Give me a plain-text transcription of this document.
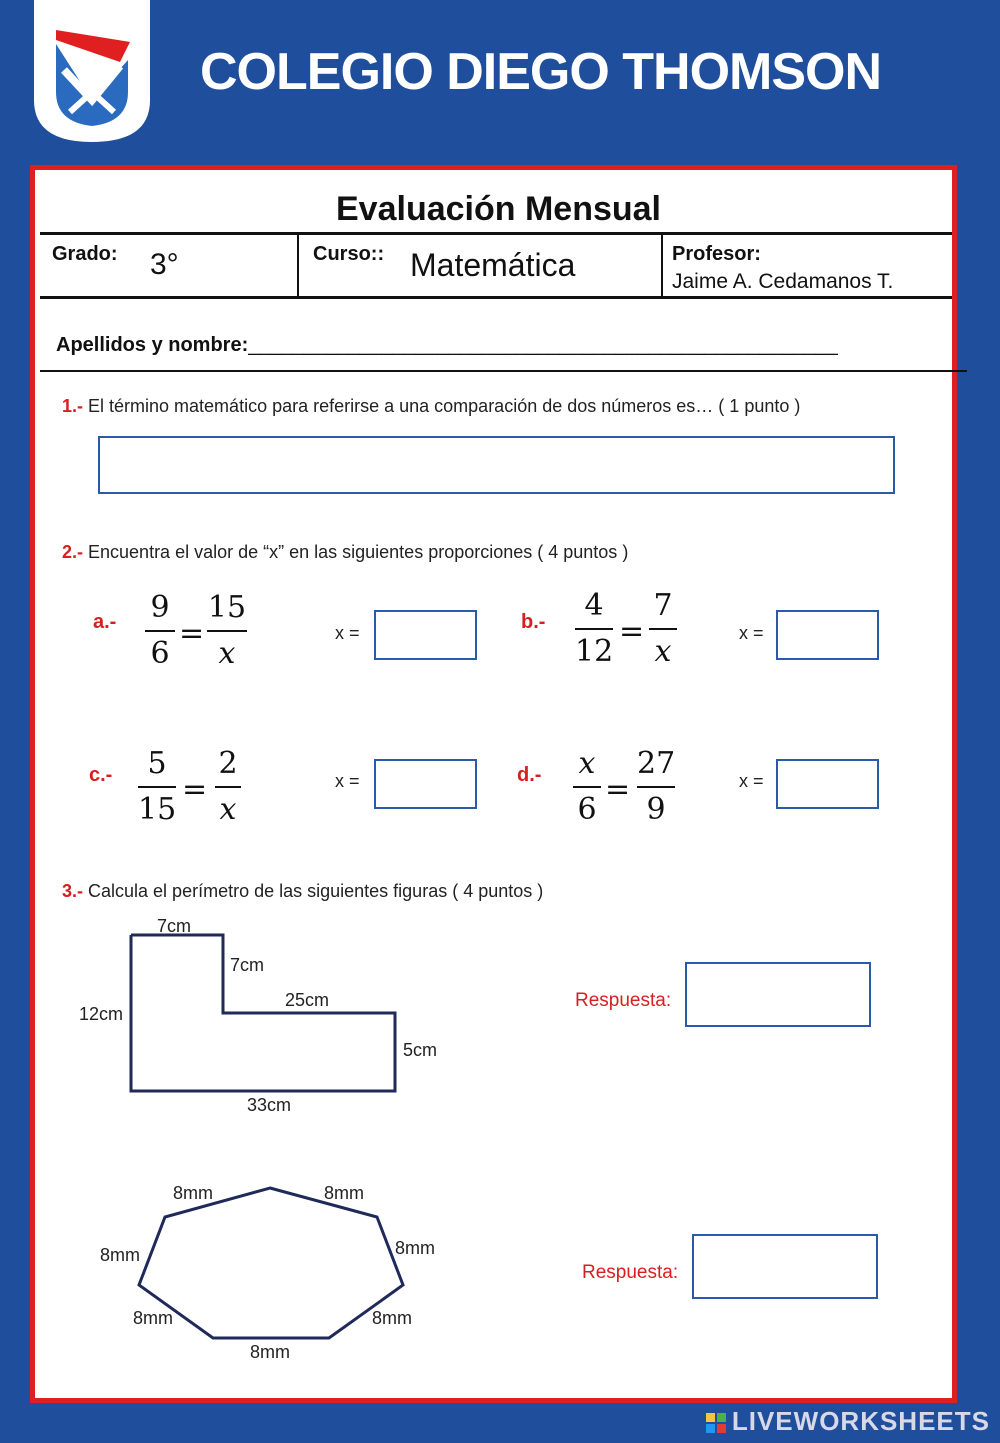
COLEGIO DIEGO THOMSON
Evaluación Mensual
Grado: 3°	Curso:: Matemática	Profesor:
Jaime A. Cedamanos T.
Apellidos y nombre:_____________________________________________________
1.- El término matemático para referirse a una comparación de dos números es… ( 1 punto )
2.- Encuentra el valor de “x” en las siguientes proporciones ( 4 puntos )
a.- 9
6
=
15
x
x =	b.-	4
12
=
7
x
x =
c.-	5
15
=
2
x
x =	d.- x
6
=
27
9
x =
3.- Calcula el perímetro de las siguientes figuras ( 4 puntos )
7cm
7cm
25cm
12cm
5cm
33cm
Respuesta:
8mm	8mm
8mm	8mm
8mm	8mm
8mm
Respuesta:
LIVEWORKSHEETS
